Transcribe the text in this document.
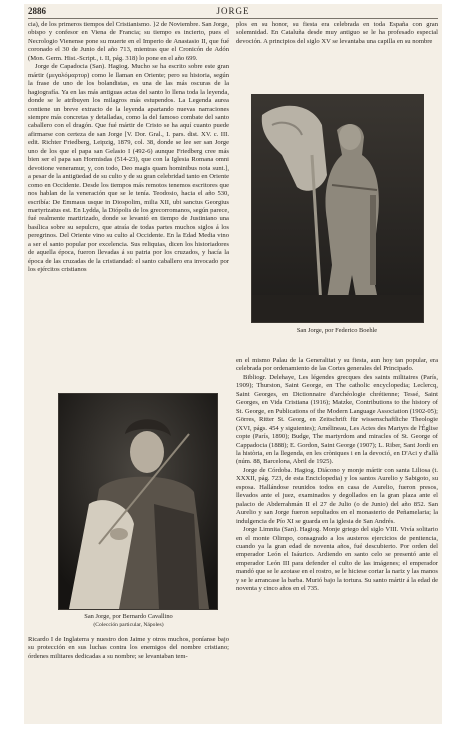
2886	JORGE

cia), de los primeros tiempos del Cristianismo. }2 de Noviembre. San Jorge, obispo y confesor en Viena de Francia; su tiempo es incierto, pues el Necrologio Vienense pone su muerte en el Imperio de Anastasio II, que fué coronado el 30 de Junio del año 713, mientras que el Cronicón de Adón (Mon. Germ. Hist.-Script., t. II, pág. 318) lo pone en el año 699.

Jorge de Capadocia (San). Hagiog. Mucho se ha escrito sobre este gran mártir (μεγαλόμαρτυρ) como le llaman en Oriente; pero su historia, según la frase de uno de los bolandistas, es una de las más oscuras de la hagiografía. Ya en las más antiguas actas del santo lo llena toda la leyenda, donde se le atribuyen los milagros más estupendos. La Legenda aurea contiene un breve extracto de la leyenda apartando nuevas narraciones siempre más concretas y detalladas, como la del famoso combate del santo caballero con el dragón. Que fué mártir de Cristo se ha aquí cuanto puede afirmarse con certeza de san Jorge [V. Dor. Gral., I. pars. dist. XV. c. III. edit. Richter Friedberg, Leipzig, 1879, col. 38, donde se lee ser san Jorge uno de los que el papa san Gelasio I (492-6) aunque Friedberg cree más bien ser el papa san Hormisdas (514-23), que con la Iglesia Romana omni devotione veneramur, y, con todo, Deo magis quam hominibus nota sunt.], a pesar de la antigüedad de su culto y de su gran celebridad tanto en Oriente como en Occidente. Desde los tiempos más remotos tenemos escritores que nos hablan de la veneración que se le tenía. Teodosio, hacia el año 530, escribía: De Emmaus usque in Diospolim, milia XII, ubi sanctus Georgius martyrizatus est. En Lydda, la Diópolis de los grecorromanos, según parece, fué realmente martirizado, donde se levantó en tiempo de Justiniano una basílica sobre su sepulcro, que atraía de todas partes muchos siglos á los peregrinos. Del Oriente vino su culto al Occidente. En la Edad Media vino a ser el santo popular por excelencia. Sus reliquias, dicen los historiadores de aquella época, fueron llevadas á su patria por los cruzados, y hacía la época de las cruzadas de la cristiandad: el santo caballero era invocado por los ejércitos cristianos

plos en su honor, su fiesta era celebrada en toda España con gran solemnidad. En Cataluña desde muy antiguo se le ha profesado especial devoción. A principios del siglo XV se levantaba una capilla en su nombre

San Jorge, por Federico Boehle
San Jorge, por Bernardo Cavallino
(Colección particular, Nápoles)

en el mismo Palau de la Generalitat y su fiesta, aun hoy tan popular, era celebrada por ordenamiento de las Cortes generales del Principado.

Bibliogr. Delehaye, Les légendes grecques des saints militaires (París, 1909); Thurston, Saint George, en The catholic encyclopedia; Leclercq, Saint Georges, en Dictionnaire d'archéologie chrétienne; Tessé, Saint Georges, en Vida Cristiana (1916); Matzke, Contributions to the history of St. George, en Publications of the Modern Language Association (1902-05); Görres, Ritter St. Georg, en Zeitschrift für wissenschaftliche Theologie (XVI, págs. 454 y siguientes); Amélineau, Les Actes des Martyrs de l'Église copte (París, 1890); Budge, The martyrdom and miracles of St. George of Cappadocia (1888); E. Gordon, Saint George (1907); L. Riber, Sant Jordi en la història, en la llegenda, en les cròniques i en la devoció, en D'Aci y d'allà (núm. 88, Barcelona, Abril de 1925).

Jorge de Córdoba. Hagiog. Diácono y monje mártir con santa Liliosa (t. XXXII, pág. 723, de esta Enciclopedia) y los santos Aurelio y Sabigoto, su esposa. Hallándose reunidos todos en casa de Aurelio, fueron presos, llevados ante el juez, examinados y degollados en la gran plaza ante el palacio de Abderrahmán II el 27 de Julio (o de Junio) del año 852. San Aurelio y san Jorge fueron sepultados en el monasterio de Peñamelaria; la indulgencia de Pío XI se guarda en la iglesia de San Andrés.

Jorge Limnita (San). Hagiog. Monje griego del siglo VIII. Vivía solitario en el monte Olimpo, consagrado a los austeros ejercicios de penitencia, cuando ya la gran edad de noventa años, fué descubierto. Por orden del emperador León el Isáurico. Ardiendo en santo celo se presentó ante el emperador León III para defender el culto de las imágenes; el emperador mandó que se le azotase en el rostro, se le hiciese cortar la nariz y las manos y se le arrancase la barba. Murió bajo la tortura. Su santo mártir á la edad de noventa y cinco años en el 735.

Ricardo I de Inglaterra y nuestro don Jaime y otros muchos, poníanse bajo su protección en sus luchas contra los enemigos del nombre cristiano; órdenes militares dedicadas a su nombre; se levantaban tem-
